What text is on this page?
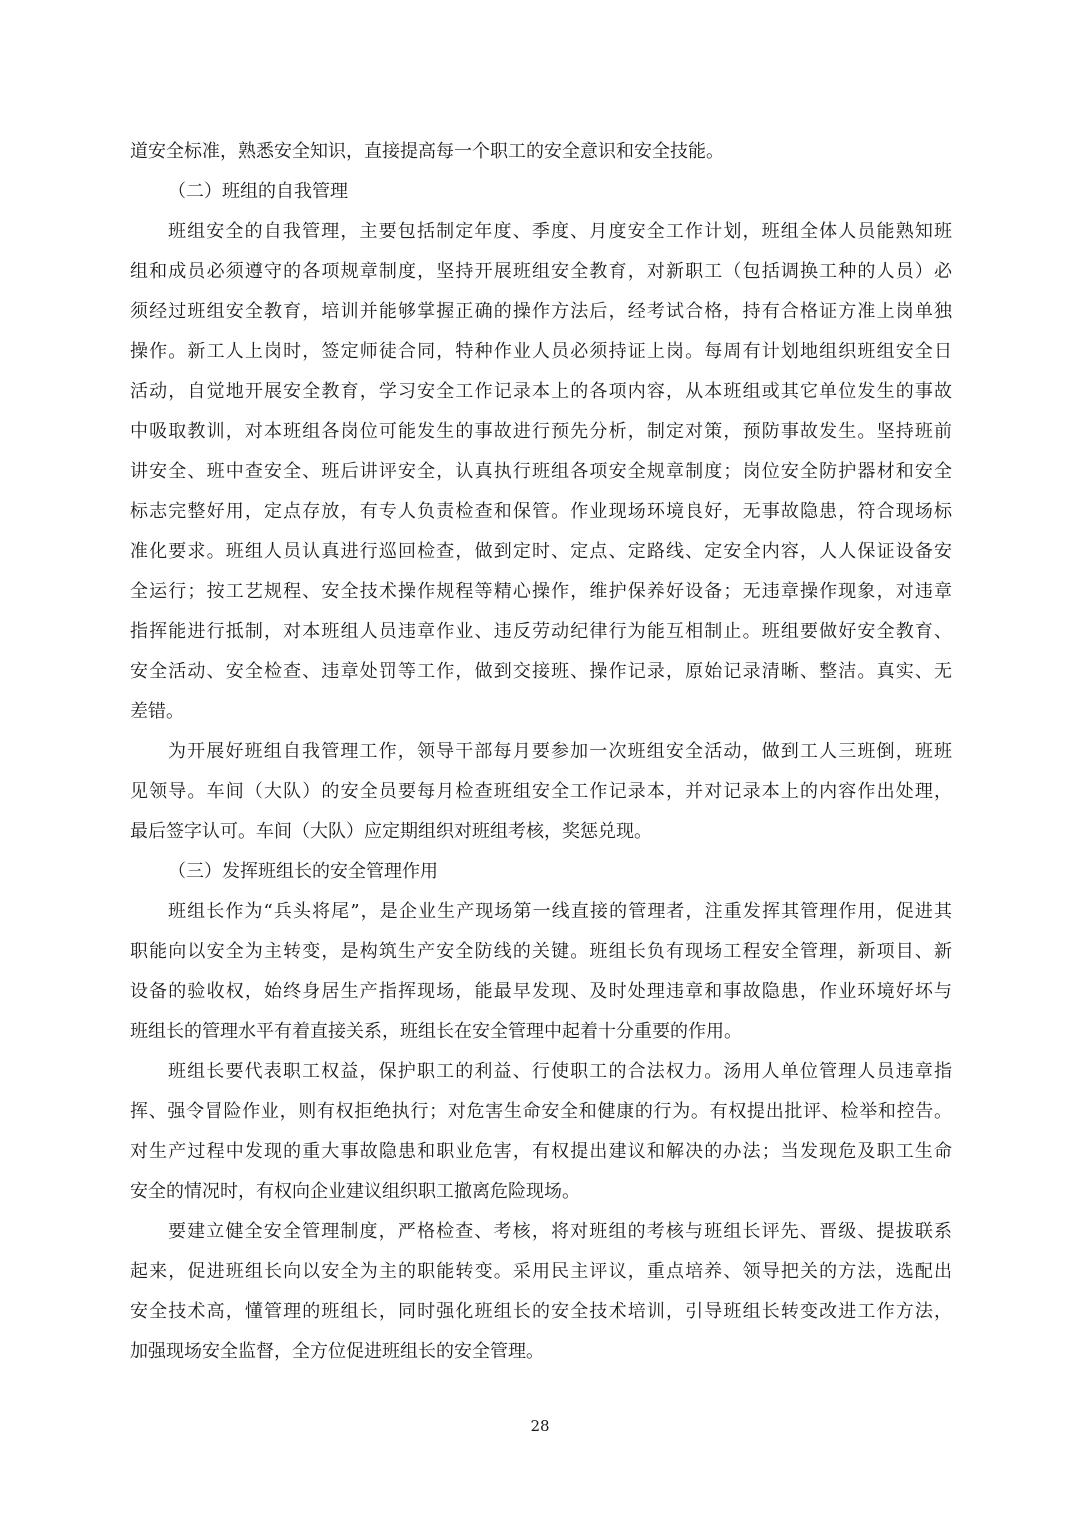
道安全标准，熟悉安全知识，直接提高每一个职工的安全意识和安全技能。
（二）班组的自我管理
班组安全的自我管理，主要包括制定年度、季度、月度安全工作计划，班组全体人员能熟知班
组和成员必须遵守的各项规章制度，坚持开展班组安全教育，对新职工（包括调换工种的人员）必
须经过班组安全教育，培训并能够掌握正确的操作方法后，经考试合格，持有合格证方准上岗单独
操作。新工人上岗时，签定师徒合同，特种作业人员必须持证上岗。每周有计划地组织班组安全日
活动，自觉地开展安全教育，学习安全工作记录本上的各项内容，从本班组或其它单位发生的事故
中吸取教训，对本班组各岗位可能发生的事故进行预先分析，制定对策，预防事故发生。坚持班前
讲安全、班中查安全、班后讲评安全，认真执行班组各项安全规章制度；岗位安全防护器材和安全
标志完整好用，定点存放，有专人负责检查和保管。作业现场环境良好，无事故隐患，符合现场标
准化要求。班组人员认真进行巡回检查，做到定时、定点、定路线、定安全内容，人人保证设备安
全运行；按工艺规程、安全技术操作规程等精心操作，维护保养好设备；无违章操作现象，对违章
指挥能进行抵制，对本班组人员违章作业、违反劳动纪律行为能互相制止。班组要做好安全教育、
安全活动、安全检查、违章处罚等工作，做到交接班、操作记录，原始记录清晰、整洁。真实、无
差错。
为开展好班组自我管理工作，领导干部每月要参加一次班组安全活动，做到工人三班倒，班班
见领导。车间（大队）的安全员要每月检查班组安全工作记录本，并对记录本上的内容作出处理，
最后签字认可。车间（大队）应定期组织对班组考核，奖惩兑现。
（三）发挥班组长的安全管理作用
班组长作为“兵头将尾”，是企业生产现场第一线直接的管理者，注重发挥其管理作用，促进其
职能向以安全为主转变，是构筑生产安全防线的关键。班组长负有现场工程安全管理，新项目、新
设备的验收权，始终身居生产指挥现场，能最早发现、及时处理违章和事故隐患，作业环境好坏与
班组长的管理水平有着直接关系，班组长在安全管理中起着十分重要的作用。
班组长要代表职工权益，保护职工的利益、行使职工的合法权力。汤用人单位管理人员违章指
挥、强令冒险作业，则有权拒绝执行；对危害生命安全和健康的行为。有权提出批评、检举和控告。
对生产过程中发现的重大事故隐患和职业危害，有权提出建议和解决的办法；当发现危及职工生命
安全的情况时，有权向企业建议组织职工撤离危险现场。
要建立健全安全管理制度，严格检查、考核，将对班组的考核与班组长评先、晋级、提拔联系
起来，促进班组长向以安全为主的职能转变。采用民主评议，重点培养、领导把关的方法，选配出
安全技术高，懂管理的班组长，同时强化班组长的安全技术培训，引导班组长转变改进工作方法，
加强现场安全监督，全方位促进班组长的安全管理。
28
